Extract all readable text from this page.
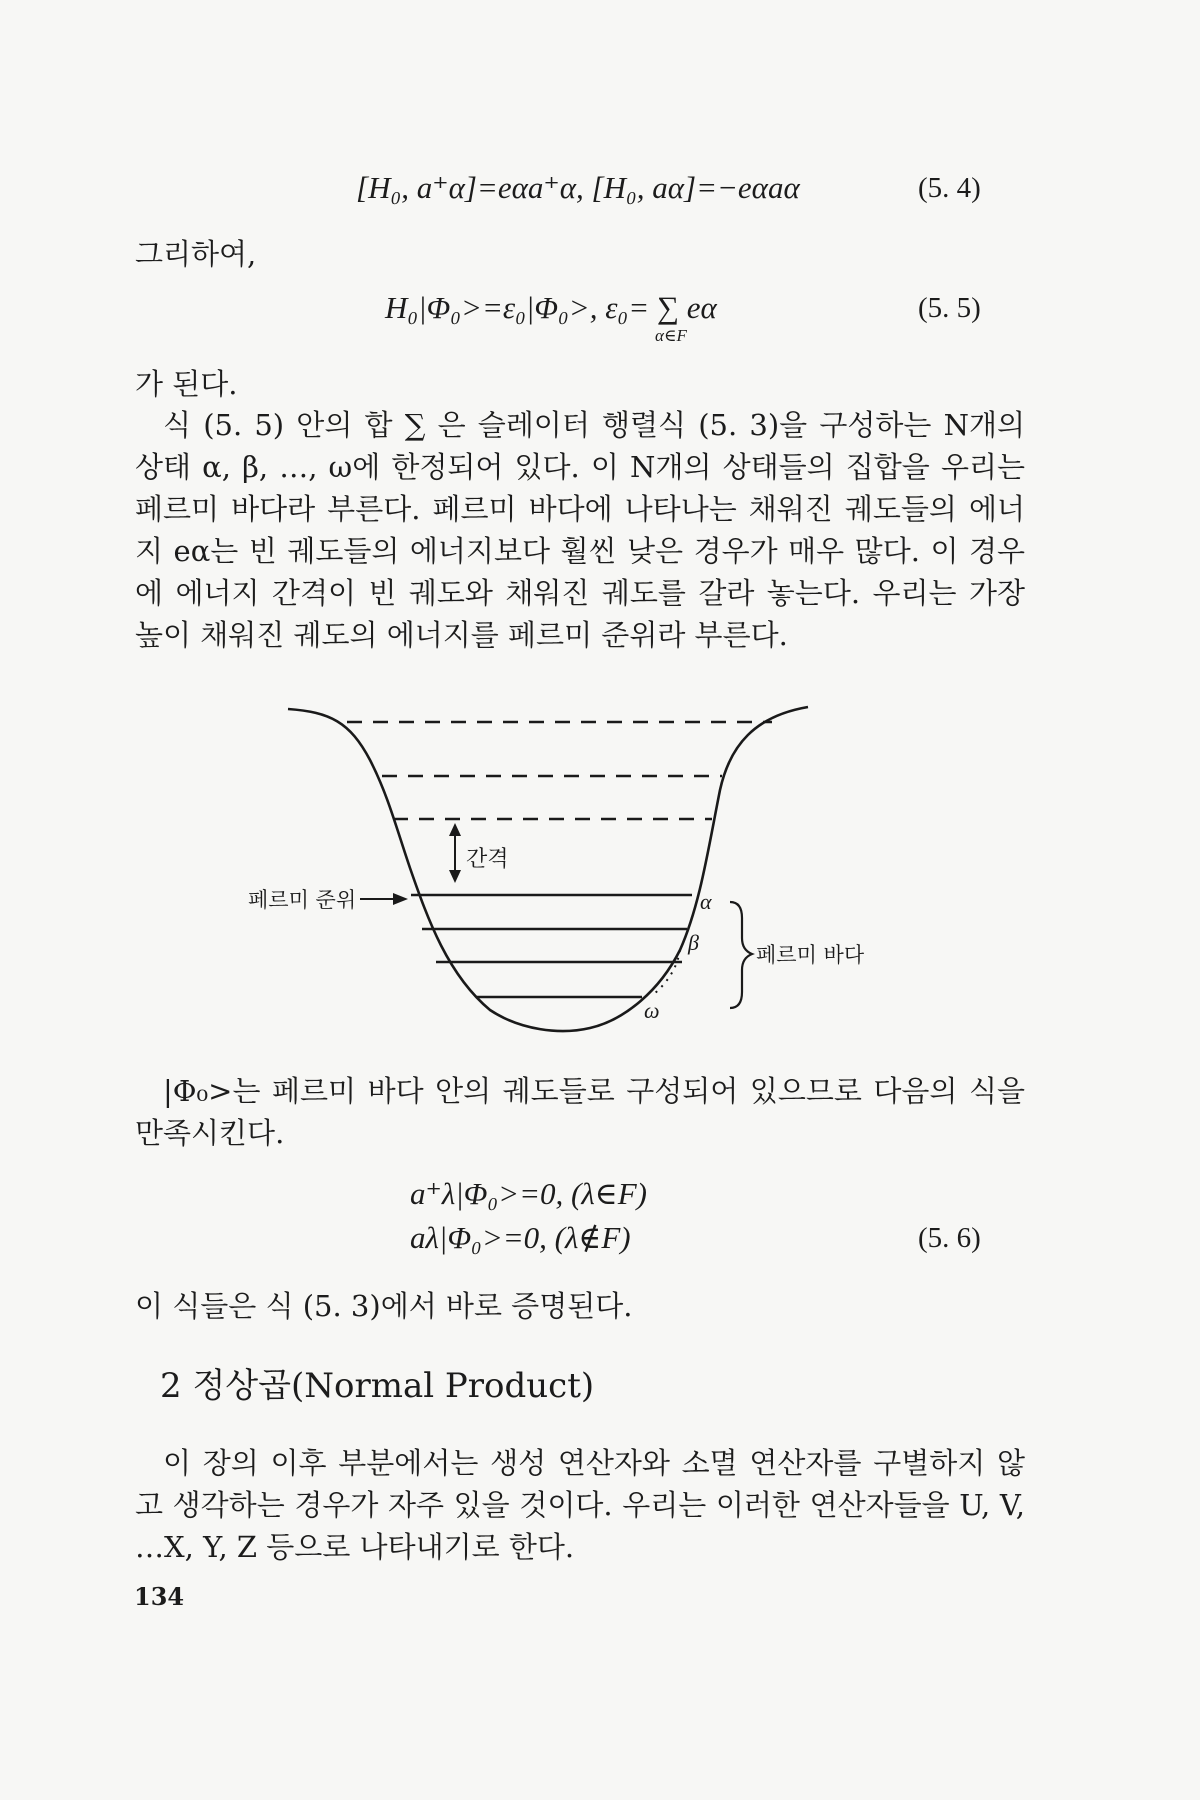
[H₀, a⁺α]=eαa⁺α, [H₀, aα]=−eαaα	(5. 4)
그리하여,
H₀|Φ₀>=ε₀|Φ₀>, ε₀= ∑ eα
α∈F
(5. 5)
가 된다.
식 (5. 5) 안의 합 ∑ 은 슬레이터 행렬식 (5. 3)을 구성하는 N개의 상태 α, β, …, ω에 한정되어 있다. 이 N개의 상태들의 집합을 우리는 페르미 바다라 부른다. 페르미 바다에 나타나는 채워진 궤도들의 에너지 eα는 빈 궤도들의 에너지보다 훨씬 낮은 경우가 매우 많다. 이 경우에 에너지 간격이 빈 궤도와 채워진 궤도를 갈라 놓는다. 우리는 가장 높이 채워진 궤도의 에너지를 페르미 준위라 부른다.
간격
페르미 준위
페르미 바다
α
β
ω
|Φ₀>는 페르미 바다 안의 궤도들로 구성되어 있으므로 다음의 식을 만족시킨다.
a⁺λ|Φ₀>=0, (λ∈F)
aλ|Φ₀>=0, (λ∉F)	(5. 6)
이 식들은 식 (5. 3)에서 바로 증명된다.
2 정상곱(Normal Product)
이 장의 이후 부분에서는 생성 연산자와 소멸 연산자를 구별하지 않고 생각하는 경우가 자주 있을 것이다. 우리는 이러한 연산자들을 U, V, …X, Y, Z 등으로 나타내기로 한다.
134
